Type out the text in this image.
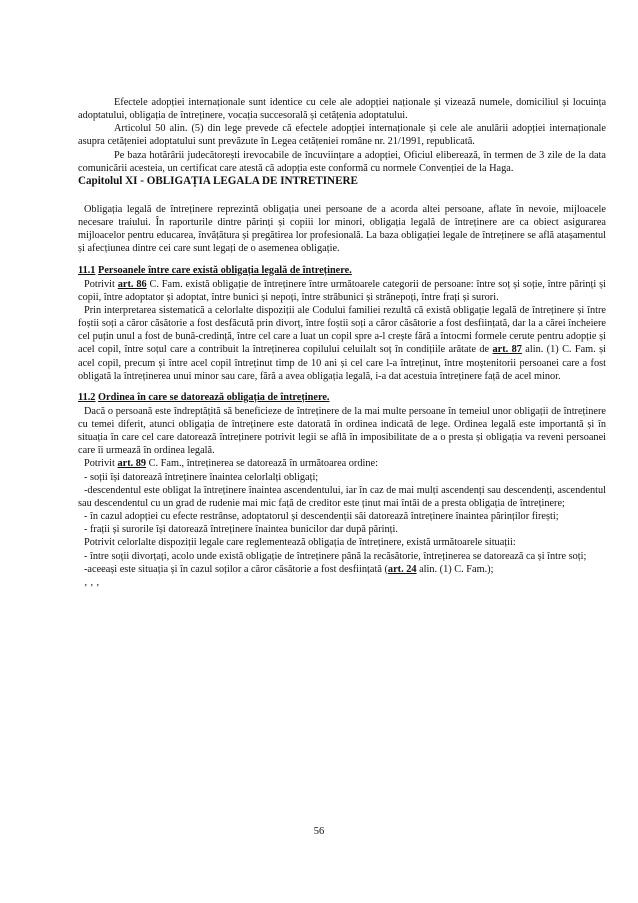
Efectele adopției internaționale sunt identice cu cele ale adopției naționale și vizează numele, domiciliul și locuința adoptatului, obligația de întreținere, vocația succesorală și cetățenia adoptatului.

Articolul 50 alin. (5) din lege prevede că efectele adopției internaționale și cele ale anulării adopției internaționale asupra cetățeniei adoptatului sunt prevăzute în Legea cetățeniei române nr. 21/1991, republicată.

Pe baza hotărârii judecătorești irevocabile de încuviințare a adopției, Oficiul eliberează, în termen de 3 zile de la data comunicării acesteia, un certificat care atestă că adopția este conformă cu normele Convenției de la Haga.

Capitolul XI - OBLIGAȚIA LEGALA DE INTRETINERE

Obligația legală de întreținere reprezintă obligația unei persoane de a acorda altei persoane, aflate în nevoie, mijloacele necesare traiului. În raporturile dintre părinți și copiii lor minori, obligația legală de întreținere are ca obiect asigurarea mijloacelor pentru educarea, învățătura și pregătirea lor profesională. La baza obligației legale de întreținere se află atașamentul și afecțiunea dintre cei care sunt legați de o asemenea obligație.

11.1 Persoanele între care există obligația legală de întreținere.

Potrivit art. 86 C. Fam. există obligație de întreținere între următoarele categorii de persoane: între soț și soție, între părinți și copii, între adoptator și adoptat, între bunici și nepoți, între străbunici și strănepoți, între frați și surori.

Prin interpretarea sistematică a celorlalte dispoziții ale Codului familiei rezultă că există obligație legală de întreținere și între foștii soți a căror căsătorie a fost desfăcută prin divorț, între foștii soți a căror căsătorie a fost desființată, dar la a cărei încheiere cel puțin unul a fost de bună-credință, între cel care a luat un copil spre a-l crește fără a întocmi formele cerute pentru adopție și acel copil, între soțul care a contribuit la întreținerea copilului celuilalt soț în condițiile arătate de art. 87 alin. (1) C. Fam. și acel copil, precum și între acel copil întreținut timp de 10 ani și cel care l-a întreținut, între moștenitorii persoanei care a fost obligată la întreținerea unui minor sau care, fără a avea obligația legală, i-a dat acestuia întreținere față de acel minor.

11.2 Ordinea în care se datorează obligația de întreținere.

Dacă o persoană este îndreptățită să beneficieze de întreținere de la mai multe persoane în temeiul unor obligații de întreținere cu temei diferit, atunci obligația de întreținere este datorată în ordinea indicată de lege. Ordinea legală este importantă și în situația în care cel care datorează întreținere potrivit legii se află în imposibilitate de a o presta și obligația va reveni persoanei care îi urmează în ordinea legală.

Potrivit art. 89 C. Fam., întreținerea se datorează în următoarea ordine:

- soții își datorează întreținere înaintea celorlalți obligați;

-descendentul este obligat la întreținere înaintea ascendentului, iar în caz de mai mulți ascendenți sau descendenți, ascendentul sau descendentul cu un grad de rudenie mai mic față de creditor este ținut mai întâi de a presta obligația de întreținere;

- în cazul adopției cu efecte restrânse, adoptatorul și descendenții săi datorează întreținere înaintea părinților firești;

- frații și surorile își datorează întreținere înaintea bunicilor dar după părinți.

Potrivit celorlalte dispoziții legale care reglementează obligația de întreținere, există următoarele situații:

- între soții divorțați, acolo unde există obligație de întreținere până la recăsătorie, întreținerea se datorează ca și între soți;

-aceeași este situația și în cazul soților a căror căsătorie a fost desființată (art. 24 alin. (1) C. Fam.);

‚ ‚ ‚

56
